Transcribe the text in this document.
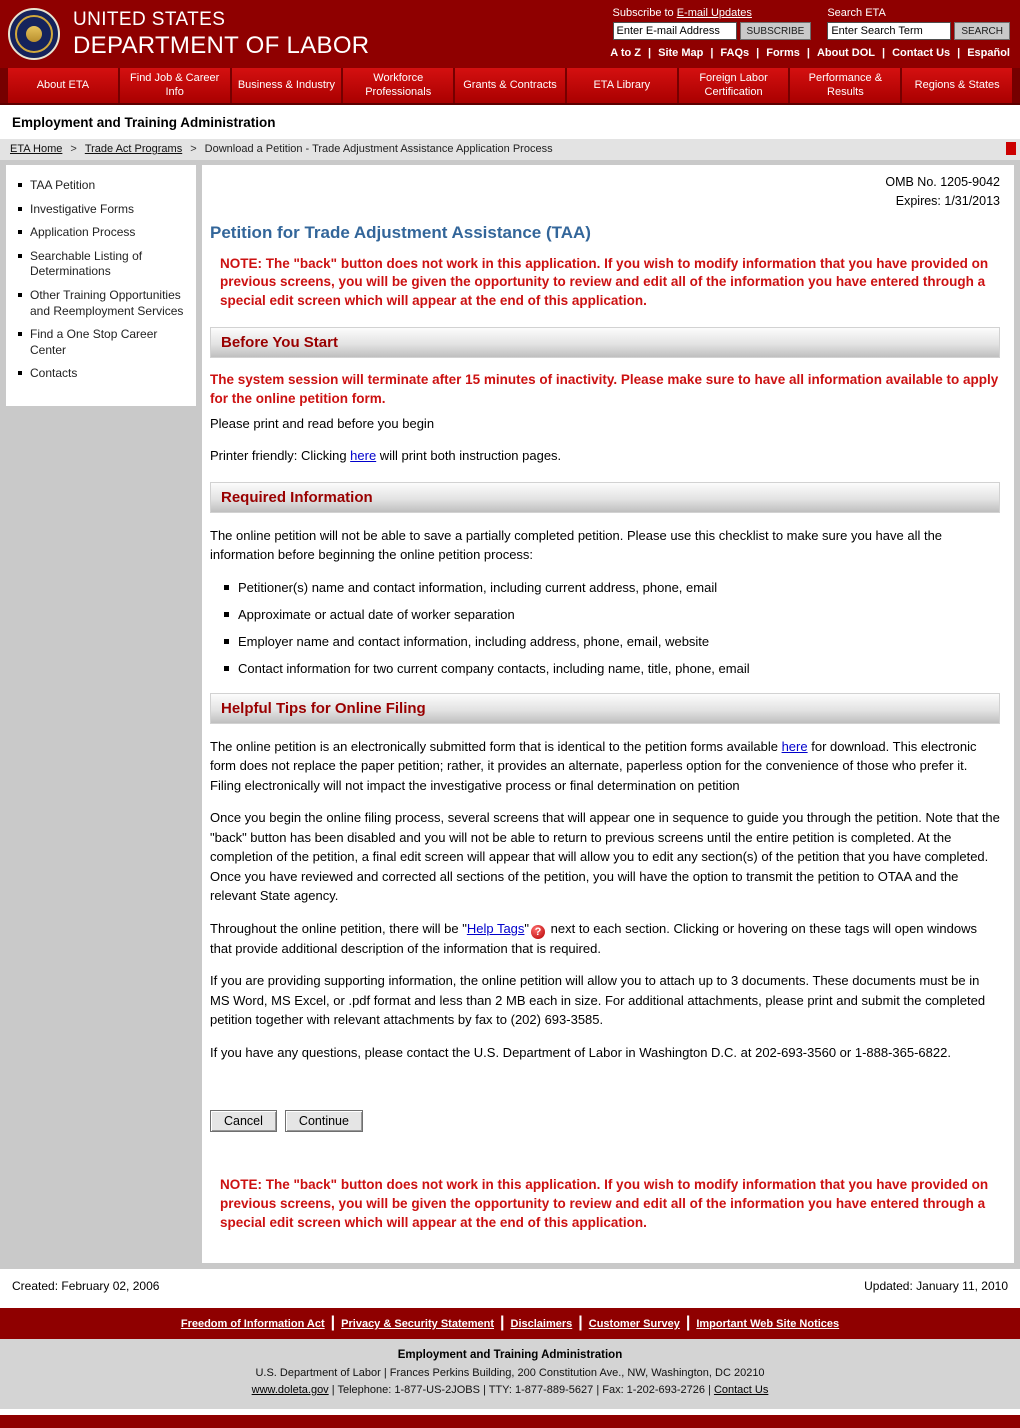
UNITED STATES
DEPARTMENT OF LABOR
Subscribe to E-mail Updates
Enter E-mail Address
SUBSCRIBE
Search ETA
Enter Search Term
SEARCH
A to Z	| Site Map	| FAQs	| Forms	| About DOL	| Contact Us	| Español
About ETA
Find Job & Career Info
Business & Industry
Workforce Professionals
Grants & Contracts	ETA Library
Foreign Labor Certification
Performance & Results
Regions & States
Employment and Training Administration
ETA Home > Trade Act Programs > Download a Petition - Trade Adjustment Assistance Application Process
TAA Petition
Investigative Forms
Application Process
Searchable Listing of Determinations
Other Training Opportunities and Reemployment Services
Find a One Stop Career Center
Contacts
OMB No. 1205-9042
Expires: 1/31/2013
Petition for Trade Adjustment Assistance (TAA)

NOTE: The "back" button does not work in this application. If you wish to modify information that you have provided on previous screens, you will be given the opportunity to review and edit all of the information you have entered through a special edit screen which will appear at the end of this application.

Before You Start

The system session will terminate after 15 minutes of inactivity. Please make sure to have all information available to apply for the online petition form.

Please print and read before you begin

Printer friendly: Clicking here will print both instruction pages.

Required Information

The online petition will not be able to save a partially completed petition. Please use this checklist to make sure you have all the information before beginning the online petition process:

Petitioner(s) name and contact information, including current address, phone, email
Approximate or actual date of worker separation
Employer name and contact information, including address, phone, email, website
Contact information for two current company contacts, including name, title, phone, email
Helpful Tips for Online Filing

The online petition is an electronically submitted form that is identical to the petition forms available here for download. This electronic form does not replace the paper petition; rather, it provides an alternate, paperless option for the convenience of those who prefer it. Filing electronically will not impact the investigative process or final determination on petition

Once you begin the online filing process, several screens that will appear one in sequence to guide you through the petition. Note that the "back" button has been disabled and you will not be able to return to previous screens until the entire petition is completed. At the completion of the petition, a final edit screen will appear that will allow you to edit any section(s) of the petition that you have completed. Once you have reviewed and corrected all sections of the petition, you will have the option to transmit the petition to OTAA and the relevant State agency.

Throughout the online petition, there will be "Help Tags" ? next to each section. Clicking or hovering on these tags will open windows that provide additional description of the information that is required.

If you are providing supporting information, the online petition will allow you to attach up to 3 documents. These documents must be in MS Word, MS Excel, or .pdf format and less than 2 MB each in size. For additional attachments, please print and submit the completed petition together with relevant attachments by fax to (202) 693-3585.

If you have any questions, please contact the U.S. Department of Labor in Washington D.C. at 202-693-3560 or 1-888-365-6822.

Cancel	Continue

NOTE: The "back" button does not work in this application. If you wish to modify information that you have provided on previous screens, you will be given the opportunity to review and edit all of the information you have entered through a special edit screen which will appear at the end of this application.

Created: February 02, 2006	Updated: January 11, 2010
Freedom of Information Act	| Privacy & Security Statement	| Disclaimers	| Customer Survey	| Important Web Site Notices
Employment and Training Administration
U.S. Department of Labor | Frances Perkins Building, 200 Constitution Ave., NW, Washington, DC 20210
www.doleta.gov | Telephone: 1-877-US-2JOBS | TTY: 1-877-889-5627 | Fax: 1-202-693-2726 | Contact Us
